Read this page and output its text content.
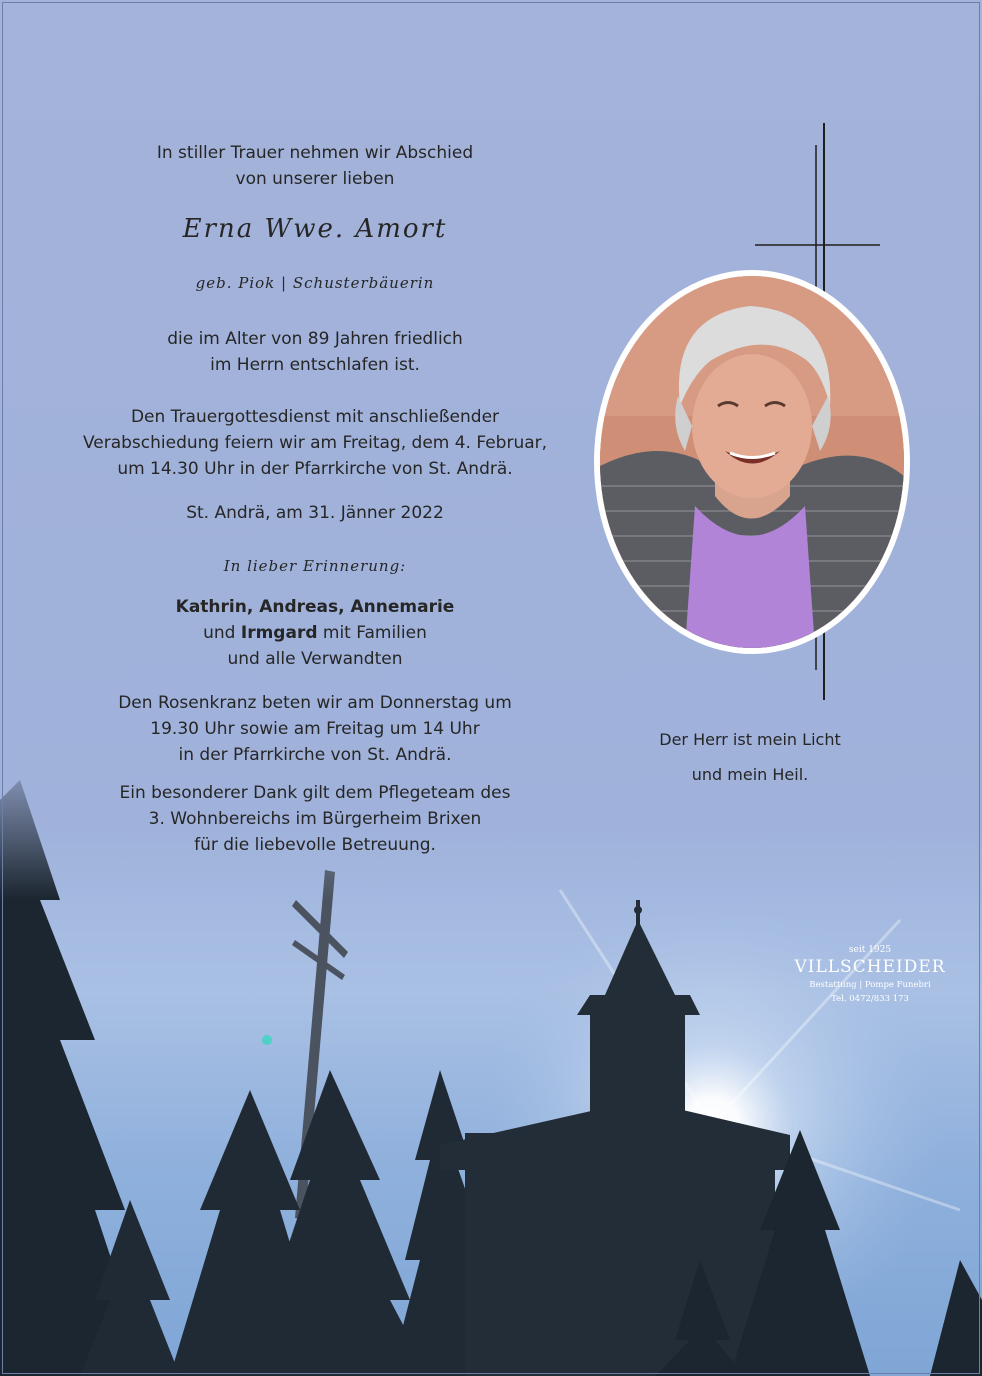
In stiller Trauer nehmen wir Abschied
von unserer lieben
Erna Wwe. Amort
geb. Piok | Schusterbäuerin
die im Alter von 89 Jahren friedlich
im Herrn entschlafen ist.
Den Trauergottesdienst mit anschließender
Verabschiedung feiern wir am Freitag, dem 4. Februar,
um 14.30 Uhr in der Pfarrkirche von St. Andrä.
St. Andrä, am 31. Jänner 2022
In lieber Erinnerung:
Kathrin, Andreas, Annemarie
und Irmgard mit Familien
und alle Verwandten
Den Rosenkranz beten wir am Donnerstag um
19.30 Uhr sowie am Freitag um 14 Uhr
in der Pfarrkirche von St. Andrä.
Ein besonderer Dank gilt dem Pflegeteam des
3. Wohnbereichs im Bürgerheim Brixen
für die liebevolle Betreuung.
Der Herr ist mein Licht
und mein Heil.
seit 1925
VILLSCHEIDER
Bestattung | Pompe Funebri
Tel. 0472/833 173
